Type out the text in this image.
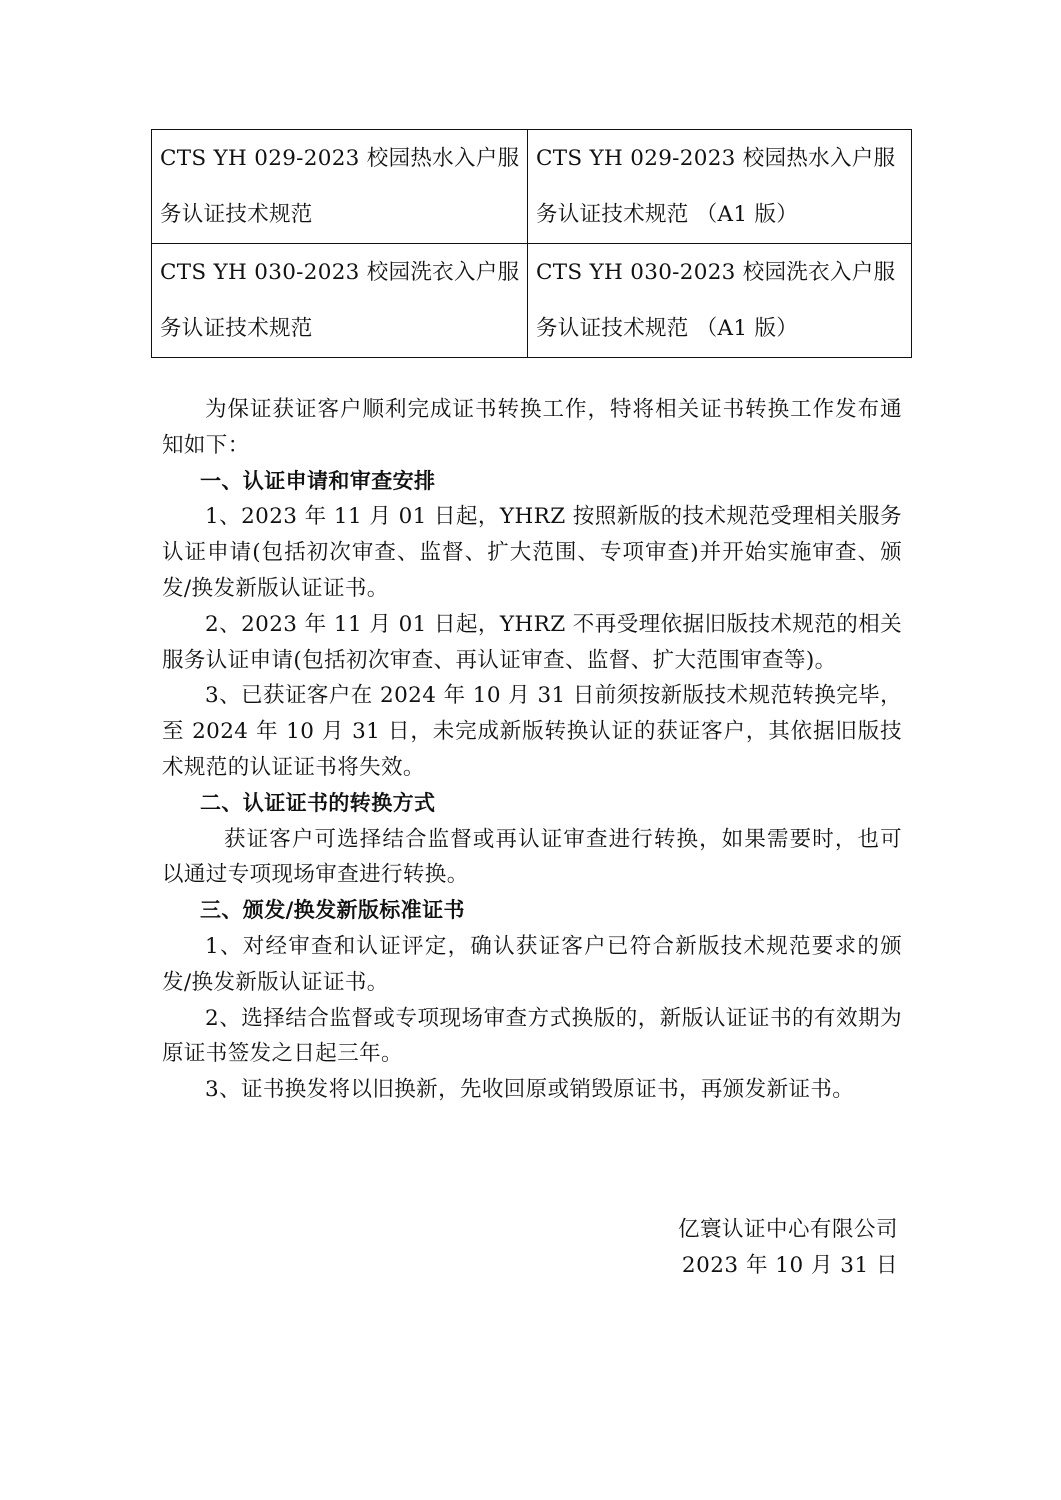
CTS YH 029-2023 校园热水入户服务认证技术规范	CTS YH 029-2023 校园热水入户服务认证技术规范 （A1 版）

CTS YH 030-2023 校园洗衣入户服务认证技术规范	CTS YH 030-2023 校园洗衣入户服务认证技术规范 （A1 版）

为保证获证客户顺利完成证书转换工作，特将相关证书转换工作发布通知如下：

一、认证申请和审查安排

1、2023 年 11 月 01 日起，YHRZ 按照新版的技术规范受理相关服务认证申请(包括初次审查、监督、扩大范围、专项审查)并开始实施审查、颁发/换发新版认证证书。

2、2023 年 11 月 01 日起，YHRZ 不再受理依据旧版技术规范的相关服务认证申请(包括初次审查、再认证审查、监督、扩大范围审查等)。

3、已获证客户在 2024 年 10 月 31 日前须按新版技术规范转换完毕，至 2024 年 10 月 31 日，未完成新版转换认证的获证客户，其依据旧版技术规范的认证证书将失效。

二、认证证书的转换方式

获证客户可选择结合监督或再认证审查进行转换，如果需要时，也可以通过专项现场审查进行转换。

三、颁发/换发新版标准证书

1、对经审查和认证评定，确认获证客户已符合新版技术规范要求的颁发/换发新版认证证书。

2、选择结合监督或专项现场审查方式换版的，新版认证证书的有效期为原证书签发之日起三年。

3、证书换发将以旧换新，先收回原或销毁原证书，再颁发新证书。

亿寰认证中心有限公司
2023 年 10 月 31 日
